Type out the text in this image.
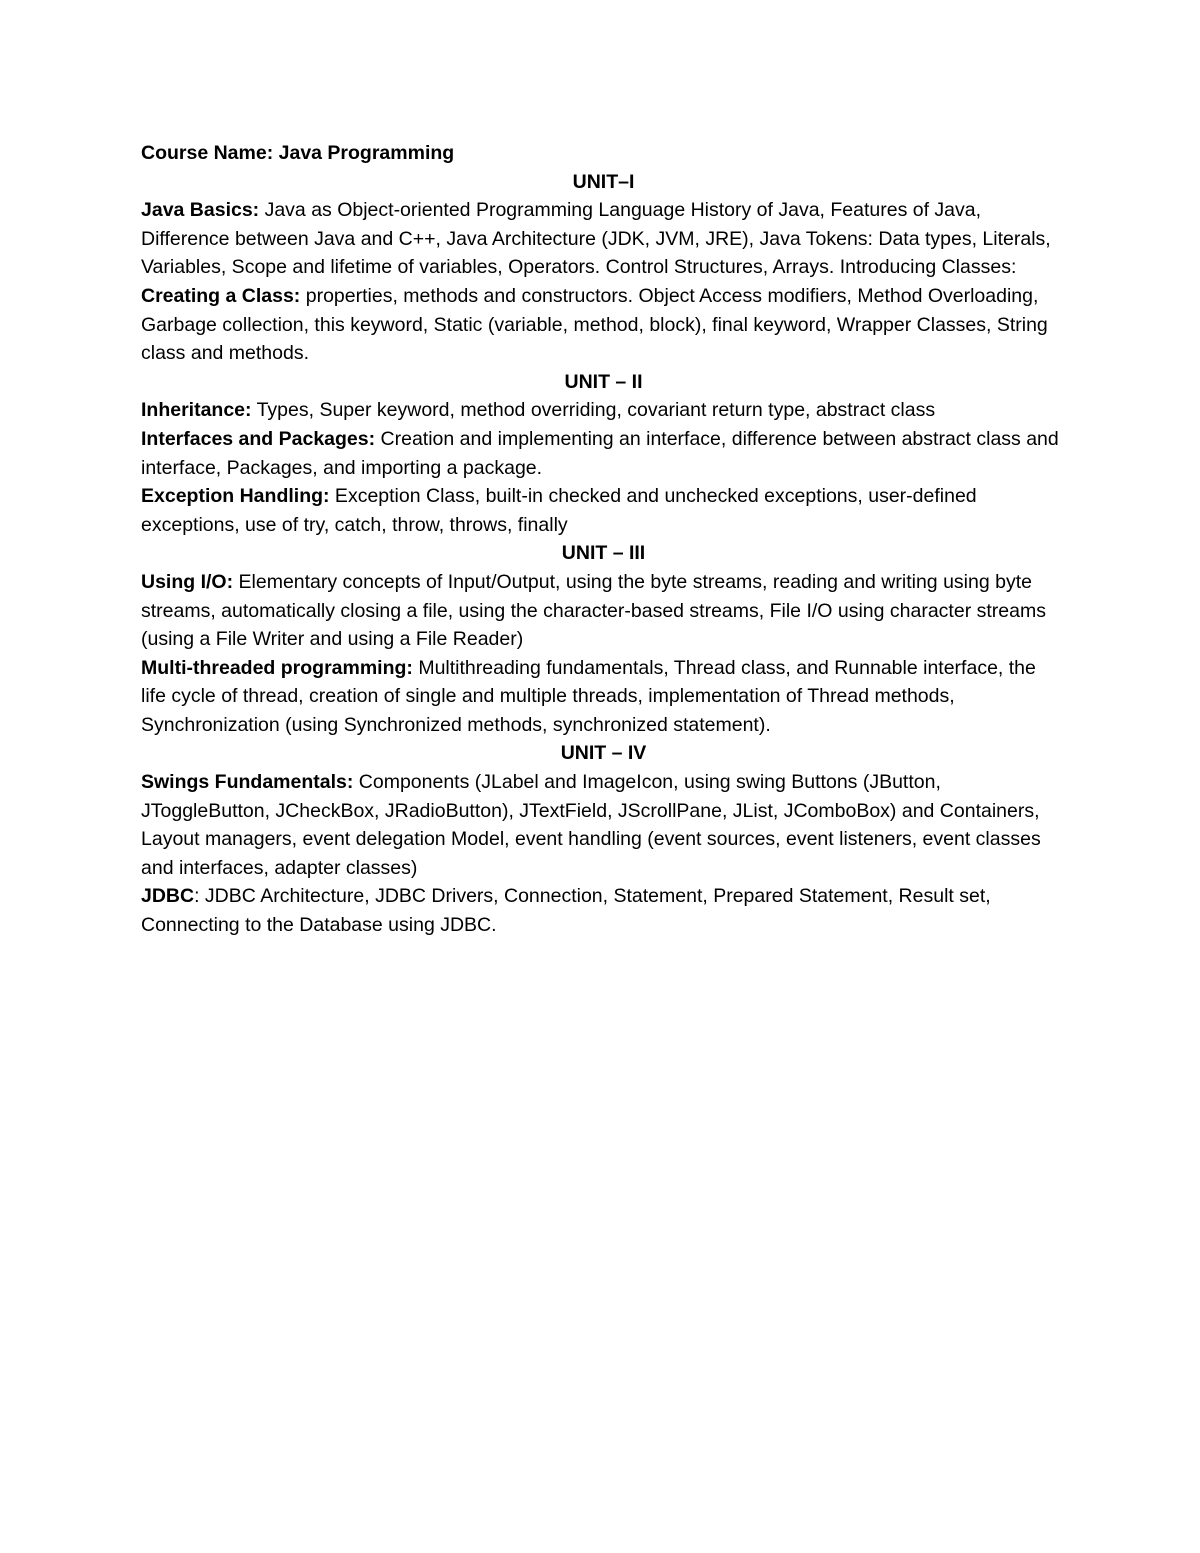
Course Name: Java Programming

UNIT–I

Java Basics: Java as Object-oriented Programming Language History of Java, Features of Java, Difference between Java and C++, Java Architecture (JDK, JVM, JRE), Java Tokens: Data types, Literals, Variables, Scope and lifetime of variables, Operators. Control Structures, Arrays. Introducing Classes: Creating a Class: properties, methods and constructors. Object Access modifiers, Method Overloading, Garbage collection, this keyword, Static (variable, method, block), final keyword, Wrapper Classes, String class and methods.

UNIT – II

Inheritance: Types, Super keyword, method overriding, covariant return type, abstract class

Interfaces and Packages: Creation and implementing an interface, difference between abstract class and interface, Packages, and importing a package.

Exception Handling: Exception Class, built-in checked and unchecked exceptions, user-defined exceptions, use of try, catch, throw, throws, finally

UNIT – III

Using I/O: Elementary concepts of Input/Output, using the byte streams, reading and writing using byte streams, automatically closing a file, using the character-based streams, File I/O using character streams (using a File Writer and using a File Reader)

Multi-threaded programming: Multithreading fundamentals, Thread class, and Runnable interface, the life cycle of thread, creation of single and multiple threads, implementation of Thread methods, Synchronization (using Synchronized methods, synchronized statement).

UNIT – IV

Swings Fundamentals: Components (JLabel and ImageIcon, using swing Buttons (JButton, JToggleButton, JCheckBox, JRadioButton), JTextField, JScrollPane, JList, JComboBox) and Containers, Layout managers, event delegation Model, event handling (event sources, event listeners, event classes and interfaces, adapter classes)

JDBC: JDBC Architecture, JDBC Drivers, Connection, Statement, Prepared Statement, Result set, Connecting to the Database using JDBC.
